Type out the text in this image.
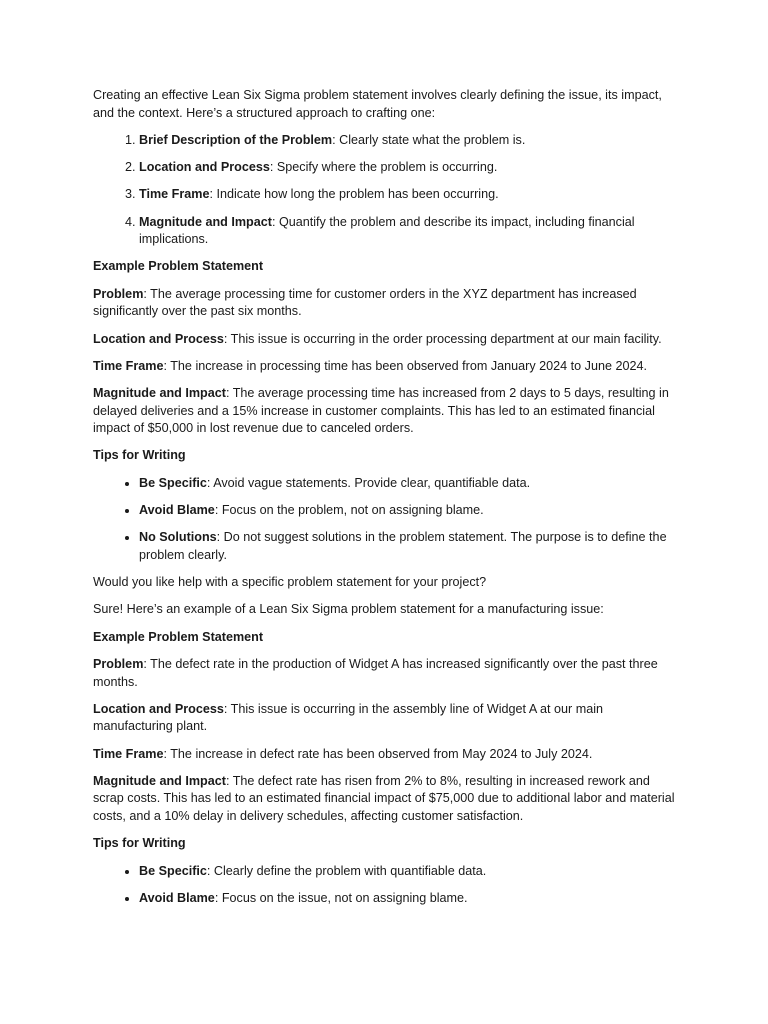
Creating an effective Lean Six Sigma problem statement involves clearly defining the issue, its impact, and the context. Here’s a structured approach to crafting one:

1. Brief Description of the Problem: Clearly state what the problem is.
2. Location and Process: Specify where the problem is occurring.
3. Time Frame: Indicate how long the problem has been occurring.
4. Magnitude and Impact: Quantify the problem and describe its impact, including financial implications.

Example Problem Statement

Problem: The average processing time for customer orders in the XYZ department has increased significantly over the past six months.

Location and Process: This issue is occurring in the order processing department at our main facility.

Time Frame: The increase in processing time has been observed from January 2024 to June 2024.

Magnitude and Impact: The average processing time has increased from 2 days to 5 days, resulting in delayed deliveries and a 15% increase in customer complaints. This has led to an estimated financial impact of $50,000 in lost revenue due to canceled orders.

Tips for Writing

• Be Specific: Avoid vague statements. Provide clear, quantifiable data.
• Avoid Blame: Focus on the problem, not on assigning blame.
• No Solutions: Do not suggest solutions in the problem statement. The purpose is to define the problem clearly.

Would you like help with a specific problem statement for your project?

Sure! Here’s an example of a Lean Six Sigma problem statement for a manufacturing issue:

Example Problem Statement

Problem: The defect rate in the production of Widget A has increased significantly over the past three months.

Location and Process: This issue is occurring in the assembly line of Widget A at our main manufacturing plant.

Time Frame: The increase in defect rate has been observed from May 2024 to July 2024.

Magnitude and Impact: The defect rate has risen from 2% to 8%, resulting in increased rework and scrap costs. This has led to an estimated financial impact of $75,000 due to additional labor and material costs, and a 10% delay in delivery schedules, affecting customer satisfaction.

Tips for Writing

• Be Specific: Clearly define the problem with quantifiable data.
• Avoid Blame: Focus on the issue, not on assigning blame.
